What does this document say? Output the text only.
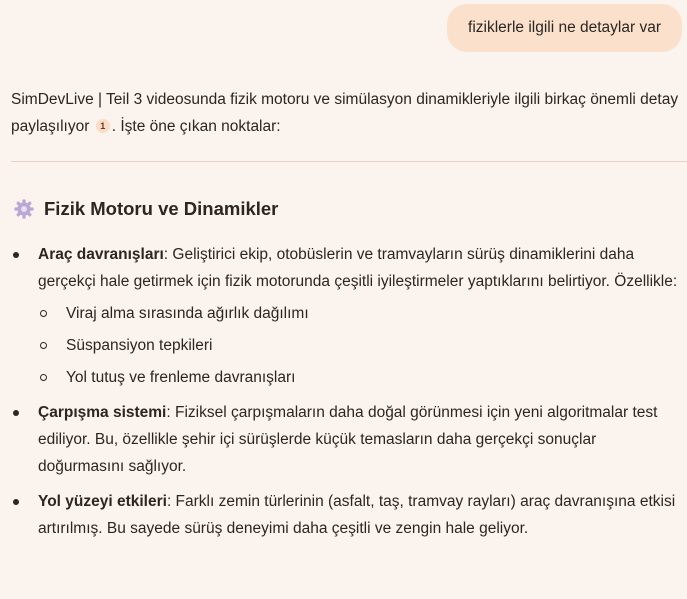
fiziklerle ilgili ne detaylar var

SimDevLive | Teil 3 videosunda fizik motoru ve simülasyon dinamikleriyle ilgili birkaç önemli detay paylaşılıyor 1 . İşte öne çıkan noktalar:

Fizik Motoru ve Dinamikler
Araç davranışları: Geliştirici ekip, otobüslerin ve tramvayların sürüş dinamiklerini daha gerçekçi hale getirmek için fizik motorunda çeşitli iyileştirmeler yaptıklarını belirtiyor. Özellikle:
Viraj alma sırasında ağırlık dağılımı
Süspansiyon tepkileri
Yol tutuş ve frenleme davranışları
Çarpışma sistemi: Fiziksel çarpışmaların daha doğal görünmesi için yeni algoritmalar test ediliyor. Bu, özellikle şehir içi sürüşlerde küçük temasların daha gerçekçi sonuçlar doğurmasını sağlıyor.
Yol yüzeyi etkileri: Farklı zemin türlerinin (asfalt, taş, tramvay rayları) araç davranışına etkisi artırılmış. Bu sayede sürüş deneyimi daha çeşitli ve zengin hale geliyor.
